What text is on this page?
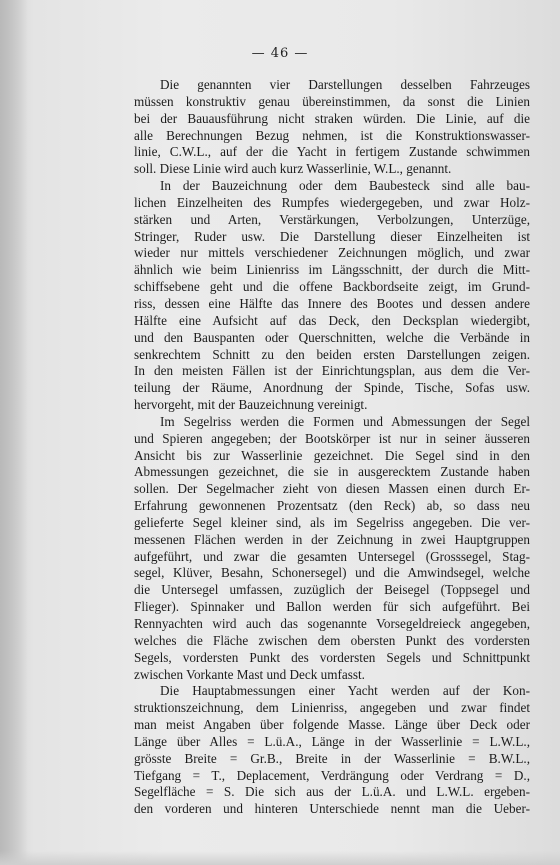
— 46 —
Die genannten vier Darstellungen desselben Fahrzeuges
müssen konstruktiv genau übereinstimmen, da sonst die Linien
bei der Bauausführung nicht straken würden. Die Linie, auf die
alle Berechnungen Bezug nehmen, ist die Konstruktionswasser-
linie, C.W.L., auf der die Yacht in fertigem Zustande schwimmen
soll. Diese Linie wird auch kurz Wasserlinie, W.L., genannt.
In der Bauzeichnung oder dem Baubesteck sind alle bau-
lichen Einzelheiten des Rumpfes wiedergegeben, und zwar Holz-
stärken und Arten, Verstärkungen, Verbolzungen, Unterzüge,
Stringer, Ruder usw. Die Darstellung dieser Einzelheiten ist
wieder nur mittels verschiedener Zeichnungen möglich, und zwar
ähnlich wie beim Linienriss im Längsschnitt, der durch die Mitt-
schiffsebene geht und die offene Backbordseite zeigt, im Grund-
riss, dessen eine Hälfte das Innere des Bootes und dessen andere
Hälfte eine Aufsicht auf das Deck, den Decksplan wiedergibt,
und den Bauspanten oder Querschnitten, welche die Verbände in
senkrechtem Schnitt zu den beiden ersten Darstellungen zeigen.
In den meisten Fällen ist der Einrichtungsplan, aus dem die Ver-
teilung der Räume, Anordnung der Spinde, Tische, Sofas usw.
hervorgeht, mit der Bauzeichnung vereinigt.
Im Segelriss werden die Formen und Abmessungen der Segel
und Spieren angegeben; der Bootskörper ist nur in seiner äusseren
Ansicht bis zur Wasserlinie gezeichnet. Die Segel sind in den
Abmessungen gezeichnet, die sie in ausgerecktem Zustande haben
sollen. Der Segelmacher zieht von diesen Massen einen durch Er-
Erfahrung gewonnenen Prozentsatz (den Reck) ab, so dass neu
gelieferte Segel kleiner sind, als im Segelriss angegeben. Die ver-
messenen Flächen werden in der Zeichnung in zwei Hauptgruppen
aufgeführt, und zwar die gesamten Untersegel (Grosssegel, Stag-
segel, Klüver, Besahn, Schonersegel) und die Amwindsegel, welche
die Untersegel umfassen, zuzüglich der Beisegel (Toppsegel und
Flieger). Spinnaker und Ballon werden für sich aufgeführt. Bei
Rennyachten wird auch das sogenannte Vorsegeldreieck angegeben,
welches die Fläche zwischen dem obersten Punkt des vordersten
Segels, vordersten Punkt des vordersten Segels und Schnittpunkt
zwischen Vorkante Mast und Deck umfasst.
Die Hauptabmessungen einer Yacht werden auf der Kon-
struktionszeichnung, dem Linienriss, angegeben und zwar findet
man meist Angaben über folgende Masse. Länge über Deck oder
Länge über Alles = L.ü.A., Länge in der Wasserlinie = L.W.L.,
grösste Breite = Gr.B., Breite in der Wasserlinie = B.W.L.,
Tiefgang = T., Deplacement, Verdrängung oder Verdrang = D.,
Segelfläche = S. Die sich aus der L.ü.A. und L.W.L. ergeben-
den vorderen und hinteren Unterschiede nennt man die Ueber-
